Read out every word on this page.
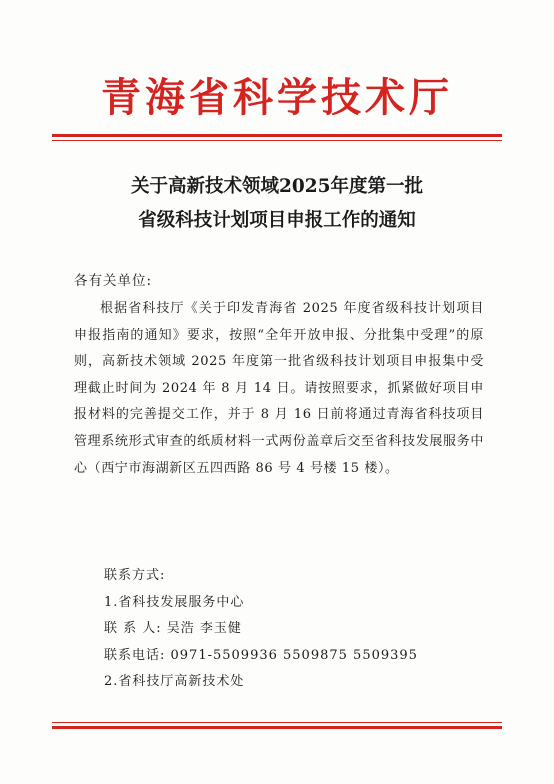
青海省科学技术厅
关于高新技术领域2025年度第一批
省级科技计划项目申报工作的通知
各有关单位:

根据省科技厅《关于印发青海省 2025 年度省级科技计划项目申报指南的通知》要求，按照“全年开放申报、分批集中受理”的原则，高新技术领域 2025 年度第一批省级科技计划项目申报集中受理截止时间为 2024 年 8 月 14 日。请按照要求，抓紧做好项目申报材料的完善提交工作，并于 8 月 16 日前将通过青海省科技项目管理系统形式审查的纸质材料一式两份盖章后交至省科技发展服务中心（西宁市海湖新区五四西路 86 号 4 号楼 15 楼）。

联系方式:
1.省科技发展服务中心
联 系 人: 吴浩 李玉健
联系电话: 0971-5509936 5509875 5509395
2.省科技厅高新技术处
